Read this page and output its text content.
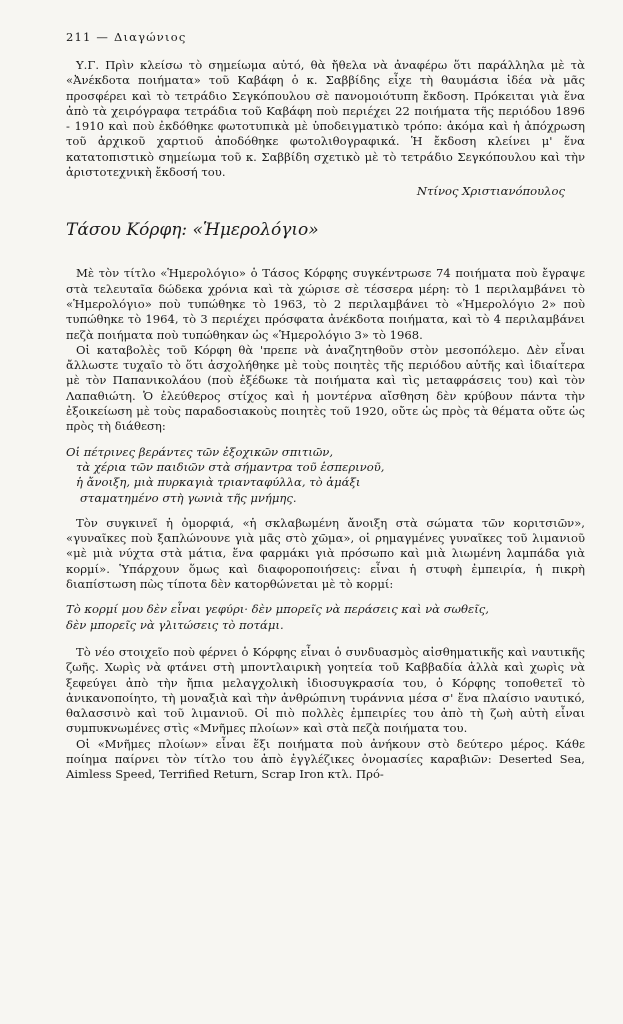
211 — Διαγώνιος

Υ.Γ. Πρὶν κλείσω τὸ σημείωμα αὐτό, θὰ ἤθελα νὰ ἀναφέρω ὅτι παράλληλα μὲ τὰ «Ἀνέκδοτα ποιήματα» τοῦ Καβάφη ὁ κ. Σαββίδης εἶχε τὴ θαυμάσια ἰδέα νὰ μᾶς προσφέρει καὶ τὸ τετράδιο Σεγκόπουλου σὲ πανομοιότυπη ἔκδοση. Πρόκειται γιὰ ἕνα ἀπὸ τὰ χειρόγραφα τετράδια τοῦ Καβάφη ποὺ περιέχει 22 ποιήματα τῆς περιόδου 1896 - 1910 καὶ ποὺ ἐκδόθηκε φωτοτυπικὰ μὲ ὑποδειγματικὸ τρόπο: ἀκόμα καὶ ἡ ἀπόχρωση τοῦ ἀρχικοῦ χαρτιοῦ ἀποδόθηκε φωτολιθογραφικά. Ἡ ἔκδοση κλείνει μ' ἕνα κατατοπιστικὸ σημείωμα τοῦ κ. Σαββίδη σχετικὸ μὲ τὸ τετράδιο Σεγκόπουλου καὶ τὴν ἀριστοτεχνικὴ ἔκδοσή του.

Ντίνος Χριστιανόπουλος
Τάσου Κόρφη: «Ἡμερολόγιο»

Μὲ τὸν τίτλο «Ἡμερολόγιο» ὁ Τάσος Κόρφης συγκέντρωσε 74 ποιήματα ποὺ ἔγραψε στὰ τελευταῖα δώδεκα χρόνια καὶ τὰ χώρισε σὲ τέσσερα μέρη: τὸ 1 περιλαμβάνει τὸ «Ἡμερολόγιο» ποὺ τυπώθηκε τὸ 1963, τὸ 2 περιλαμβάνει τὸ «Ἡμερολόγιο 2» ποὺ τυπώθηκε τὸ 1964, τὸ 3 περιέχει πρόσφατα ἀνέκδοτα ποιήματα, καὶ τὸ 4 περιλαμβάνει πεζὰ ποιήματα ποὺ τυπώθηκαν ὡς «Ἡμερολόγιο 3» τὸ 1968.

Οἱ καταβολὲς τοῦ Κόρφη θὰ 'πρεπε νὰ ἀναζητηθοῦν στὸν μεσοπόλεμο. Δὲν εἶναι ἄλλωστε τυχαῖο τὸ ὅτι ἀσχολήθηκε μὲ τοὺς ποιητὲς τῆς περιόδου αὐτῆς καὶ ἰδιαίτερα μὲ τὸν Παπανικολάου (ποὺ ἐξέδωκε τὰ ποιήματα καὶ τὶς μεταφράσεις του) καὶ τὸν Λαπαθιώτη. Ὁ ἐλεύθερος στίχος καὶ ἡ μοντέρνα αἴσθηση δὲν κρύβουν πάντα τὴν ἐξοικείωση μὲ τοὺς παραδοσιακοὺς ποιητὲς τοῦ 1920, οὔτε ὡς πρὸς τὰ θέματα οὔτε ὡς πρὸς τὴ διάθεση:

Οἱ πέτρινες βεράντες τῶν ἐξοχικῶν σπιτιῶν,
τὰ χέρια τῶν παιδιῶν στὰ σήμαντρα τοῦ ἑσπερινοῦ,
ἡ ἄνοιξη, μιὰ πυρκαγιὰ τριανταφύλλα, τὸ ἁμάξι
σταματημένο στὴ γωνιὰ τῆς μνήμης.

Τὸν συγκινεῖ ἡ ὀμορφιά, «ἡ σκλαβωμένη ἄνοιξη στὰ σώματα τῶν κοριτσιῶν», «γυναῖκες ποὺ ξαπλώνουνε γιὰ μᾶς στὸ χῶμα», οἱ ρημαγμένες γυναῖκες τοῦ λιμανιοῦ «μὲ μιὰ νύχτα στὰ μάτια, ἕνα φαρμάκι γιὰ πρόσωπο καὶ μιὰ λιωμένη λαμπάδα γιὰ κορμί». Ὑπάρχουν ὅμως καὶ διαφοροποιήσεις: εἶναι ἡ στυφὴ ἐμπειρία, ἡ πικρὴ διαπίστωση πὼς τίποτα δὲν κατορθώνεται μὲ τὸ κορμί:

Τὸ κορμί μου δὲν εἶναι γεφύρι· δὲν μπορεῖς νὰ περάσεις καὶ νὰ σωθεῖς,
δὲν μπορεῖς νὰ γλιτώσεις τὸ ποτάμι.

Τὸ νέο στοιχεῖο ποὺ φέρνει ὁ Κόρφης εἶναι ὁ συνδυασμὸς αἰσθηματικῆς καὶ ναυτικῆς ζωῆς. Χωρὶς νὰ φτάνει στὴ μποντλαιρικὴ γοητεία τοῦ Καββαδία ἀλλὰ καὶ χωρὶς νὰ ξεφεύγει ἀπὸ τὴν ἤπια μελαγχολικὴ ἰδιοσυγκρασία του, ὁ Κόρφης τοποθετεῖ τὸ ἀνικανοποίητο, τὴ μοναξιὰ καὶ τὴν ἀνθρώπινη τυράννια μέσα σ' ἕνα πλαίσιο ναυτικό, θαλασσινὸ καὶ τοῦ λιμανιοῦ. Οἱ πιὸ πολλὲς ἐμπειρίες του ἀπὸ τὴ ζωὴ αὐτὴ εἶναι συμπυκνωμένες στὶς «Μνῆμες πλοίων» καὶ στὰ πεζὰ ποιήματα του.

Οἱ «Μνῆμες πλοίων» εἶναι ἕξι ποιήματα ποὺ ἀνήκουν στὸ δεύτερο μέρος. Κάθε ποίημα παίρνει τὸν τίτλο του ἀπὸ ἐγγλέζικες ὀνομασίες καραβιῶν: Deserted Sea, Aimless Speed, Terrified Return, Scrap Iron κτλ. Πρό-
